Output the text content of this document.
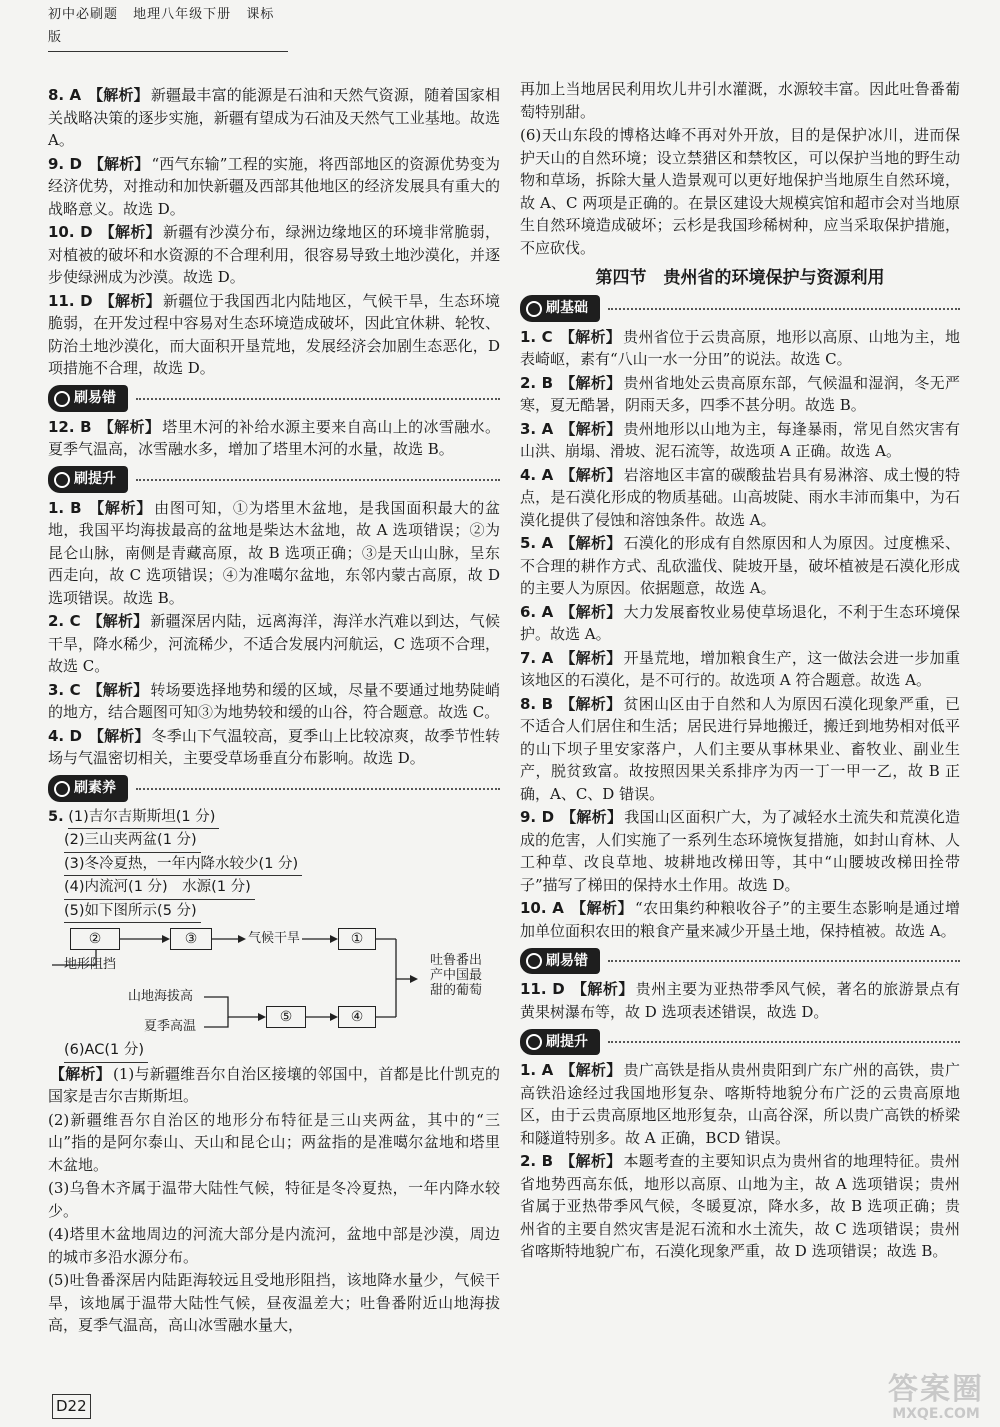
初中必刷题 地理八年级下册 课标版

8. A 【解析】 新疆最丰富的能源是石油和天然气资源，随着国家相关战略决策的逐步实施，新疆有望成为石油及天然气工业基地。故选 A。

9. D 【解析】 “西气东输”工程的实施，将西部地区的资源优势变为经济优势，对推动和加快新疆及西部其他地区的经济发展具有重大的战略意义。故选 D。

10. D 【解析】 新疆有沙漠分布，绿洲边缘地区的环境非常脆弱，对植被的破坏和水资源的不合理利用，很容易导致土地沙漠化，并逐步使绿洲成为沙漠。故选 D。

11. D 【解析】 新疆位于我国西北内陆地区，气候干旱，生态环境脆弱，在开发过程中容易对生态环境造成破坏，因此宜休耕、轮牧、防治土地沙漠化，而大面积开垦荒地，发展经济会加剧生态恶化，D 项措施不合理，故选 D。

刷易错

12. B 【解析】 塔里木河的补给水源主要来自高山上的冰雪融水。夏季气温高，冰雪融水多，增加了塔里木河的水量，故选 B。

刷提升

1. B 【解析】 由图可知，①为塔里木盆地，是我国面积最大的盆地，我国平均海拔最高的盆地是柴达木盆地，故 A 选项错误；②为昆仑山脉，南侧是青藏高原，故 B 选项正确；③是天山山脉，呈东西走向，故 C 选项错误；④为准噶尔盆地，东邻内蒙古高原，故 D 选项错误。故选 B。

2. C 【解析】 新疆深居内陆，远离海洋，海洋水汽难以到达，气候干旱，降水稀少，河流稀少，不适合发展内河航运，C 选项不合理，故选 C。

3. C 【解析】 转场要选择地势和缓的区域，尽量不要通过地势陡峭的地方，结合题图可知③为地势较和缓的山谷，符合题意。故选 C。

4. D 【解析】 冬季山下气温较高，夏季山上比较凉爽，故季节性转场与气温密切相关，主要受草场垂直分布影响。故选 D。

刷素养
5. (1)吉尔吉斯斯坦(1 分)
(2)三山夹两盆(1 分)
(3)冬冷夏热，一年内降水较少(1 分)
(4)内流河(1 分)　水源(1 分)
(5)如下图所示(5 分)
②	③	气候干旱	①
地形阻挡	吐鲁番出产中国最甜的葡萄
山地海拔高
⑤	④
夏季高温
(6)AC(1 分)

【解析】 (1)与新疆维吾尔自治区接壤的邻国中，首都是比什凯克的国家是吉尔吉斯斯坦。

(2)新疆维吾尔自治区的地形分布特征是三山夹两盆，其中的“三山”指的是阿尔泰山、天山和昆仑山；两盆指的是准噶尔盆地和塔里木盆地。

(3)乌鲁木齐属于温带大陆性气候，特征是冬冷夏热，一年内降水较少。

(4)塔里木盆地周边的河流大部分是内流河，盆地中部是沙漠，周边的城市多沿水源分布。

(5)吐鲁番深居内陆距海较远且受地形阻挡，该地降水量少，气候干旱，该地属于温带大陆性气候，昼夜温差大；吐鲁番附近山地海拔高，夏季气温高，高山冰雪融水量大，

再加上当地居民利用坎儿井引水灌溉，水源较丰富。因此吐鲁番葡萄特别甜。

(6)天山东段的博格达峰不再对外开放，目的是保护冰川，进而保护天山的自然环境；设立禁猎区和禁牧区，可以保护当地的野生动物和草场，拆除大量人造景观可以更好地保护当地原生自然环境，故 A、C 两项是正确的。在景区建设大规模宾馆和超市会对当地原生自然环境造成破坏；云杉是我国珍稀树种，应当采取保护措施，不应砍伐。

第四节　贵州省的环境保护与资源利用
刷基础

1. C 【解析】 贵州省位于云贵高原，地形以高原、山地为主，地表崎岖，素有“八山一水一分田”的说法。故选 C。

2. B 【解析】 贵州省地处云贵高原东部，气候温和湿润，冬无严寒，夏无酷暑，阴雨天多，四季不甚分明。故选 B。

3. A 【解析】 贵州地形以山地为主，每逢暴雨，常见自然灾害有山洪、崩塌、滑坡、泥石流等，故选项 A 正确。故选 A。

4. A 【解析】 岩溶地区丰富的碳酸盐岩具有易淋溶、成土慢的特点，是石漠化形成的物质基础。山高坡陡、雨水丰沛而集中，为石漠化提供了侵蚀和溶蚀条件。故选 A。

5. A 【解析】 石漠化的形成有自然原因和人为原因。过度樵采、不合理的耕作方式、乱砍滥伐、陡坡开垦，破坏植被是石漠化形成的主要人为原因。依据题意，故选 A。

6. A 【解析】 大力发展畜牧业易使草场退化，不利于生态环境保护。故选 A。

7. A 【解析】 开垦荒地，增加粮食生产，这一做法会进一步加重该地区的石漠化，是不可行的。故选项 A 符合题意。故选 A。

8. B 【解析】 贫困山区由于自然和人为原因石漠化现象严重，已不适合人们居住和生活；居民进行异地搬迁，搬迁到地势相对低平的山下坝子里安家落户，人们主要从事林果业、畜牧业、副业生产，脱贫致富。故按照因果关系排序为丙一丁一甲一乙，故 B 正确，A、C、D 错误。

9. D 【解析】 我国山区面积广大，为了减轻水土流失和荒漠化造成的危害，人们实施了一系列生态环境恢复措施，如封山育林、人工种草、改良草地、坡耕地改梯田等，其中“山腰坡改梯田拴带子”描写了梯田的保持水土作用。故选 D。

10. A 【解析】 “农田集约种粮收谷子”的主要生态影响是通过增加单位面积农田的粮食产量来减少开垦土地，保持植被。故选 A。

刷易错

11. D 【解析】 贵州主要为亚热带季风气候，著名的旅游景点有黄果树瀑布等，故 D 选项表述错误，故选 D。

刷提升

1. A 【解析】 贵广高铁是指从贵州贵阳到广东广州的高铁，贵广高铁沿途经过我国地形复杂、喀斯特地貌分布广泛的云贵高原地区，由于云贵高原地区地形复杂，山高谷深，所以贵广高铁的桥梁和隧道特别多。故 A 正确，BCD 错误。

2. B 【解析】 本题考查的主要知识点为贵州省的地理特征。贵州省地势西高东低，地形以高原、山地为主，故 A 选项错误；贵州省属于亚热带季风气候，冬暖夏凉，降水多，故 B 选项正确；贵州省的主要自然灾害是泥石流和水土流失，故 C 选项错误；贵州省喀斯特地貌广布，石漠化现象严重，故 D 选项错误；故选 B。

D22	答案圈
MXQE.COM
